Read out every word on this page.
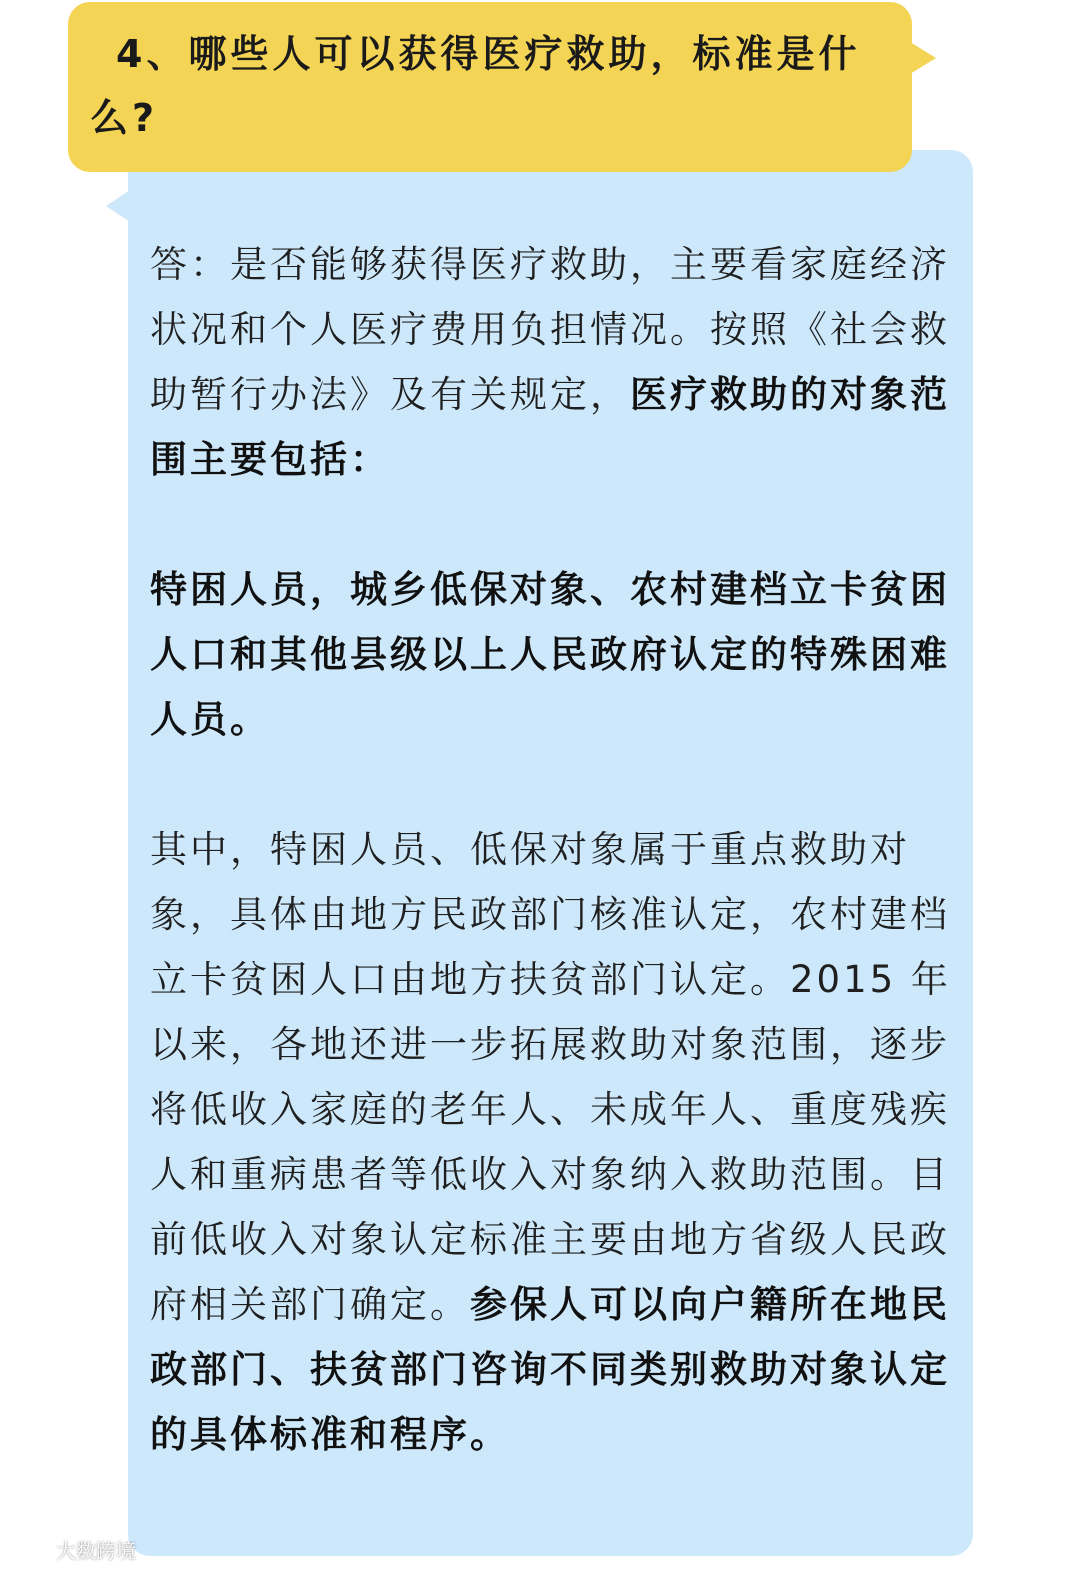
4、哪些人可以获得医疗救助，标准是什么?

答：是否能够获得医疗救助，主要看家庭经济状况和个人医疗费用负担情况。按照《社会救助暂行办法》及有关规定，医疗救助的对象范围主要包括：

特困人员，城乡低保对象、农村建档立卡贫困人口和其他县级以上人民政府认定的特殊困难人员。

其中，特困人员、低保对象属于重点救助对象，具体由地方民政部门核准认定，农村建档立卡贫困人口由地方扶贫部门认定。2015 年以来，各地还进一步拓展救助对象范围，逐步将低收入家庭的老年人、未成年人、重度残疾人和重病患者等低收入对象纳入救助范围。目前低收入对象认定标准主要由地方省级人民政府相关部门确定。参保人可以向户籍所在地民政部门、扶贫部门咨询不同类别救助对象认定的具体标准和程序。

大数跨境
